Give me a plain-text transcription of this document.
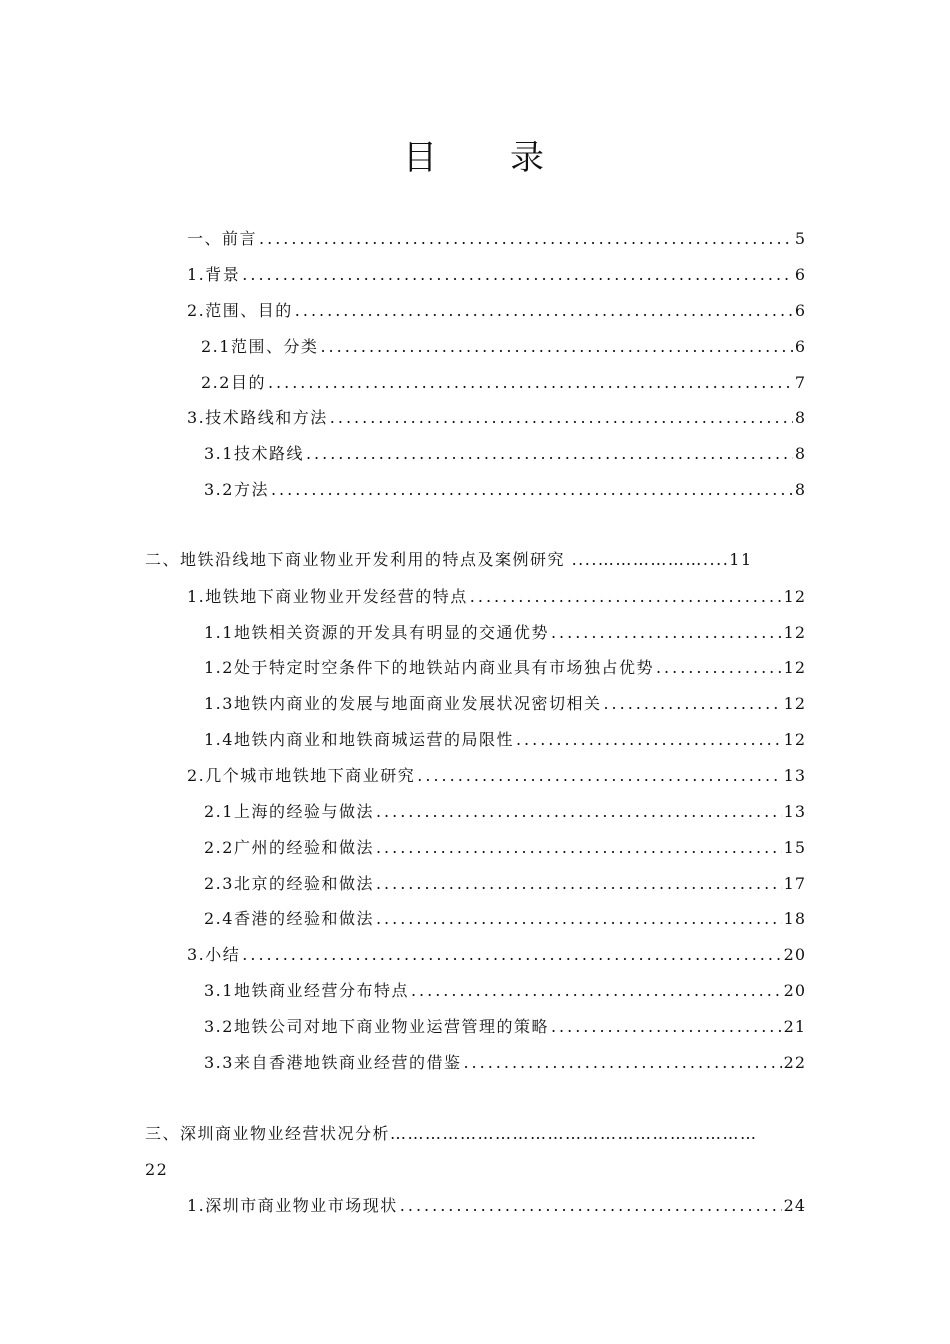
目 录
一、前言 .....	5
1.背景 .....	6
2.范围、目的 .....	6
2.1范围、分类 .....	6
2.2目的 .....	7
3.技术路线和方法 .....	8
3.1技术路线 .....	8
3.2方法 .....	8
二、地铁沿线地下商业物业开发利用的特点及案例研究 ....………………....11
1.地铁地下商业物业开发经营的特点 .....	12
1.1地铁相关资源的开发具有明显的交通优势 .....	12
1.2处于特定时空条件下的地铁站内商业具有市场独占优势 .....	12
1.3地铁内商业的发展与地面商业发展状况密切相关 .....	12
1.4地铁内商业和地铁商城运营的局限性 .....	12
2.几个城市地铁地下商业研究 .....	13
2.1上海的经验与做法 .....	13
2.2广州的经验和做法 .....	15
2.3北京的经验和做法 .....	17
2.4香港的经验和做法 .....	18
3.小结 .....	20
3.1地铁商业经营分布特点 .....	20
3.2地铁公司对地下商业物业运营管理的策略 .....	21
3.3来自香港地铁商业经营的借鉴 .....	22
三、深圳商业物业经营状况分析………………………………………………………
22
1.深圳市商业物业市场现状 .....	24
